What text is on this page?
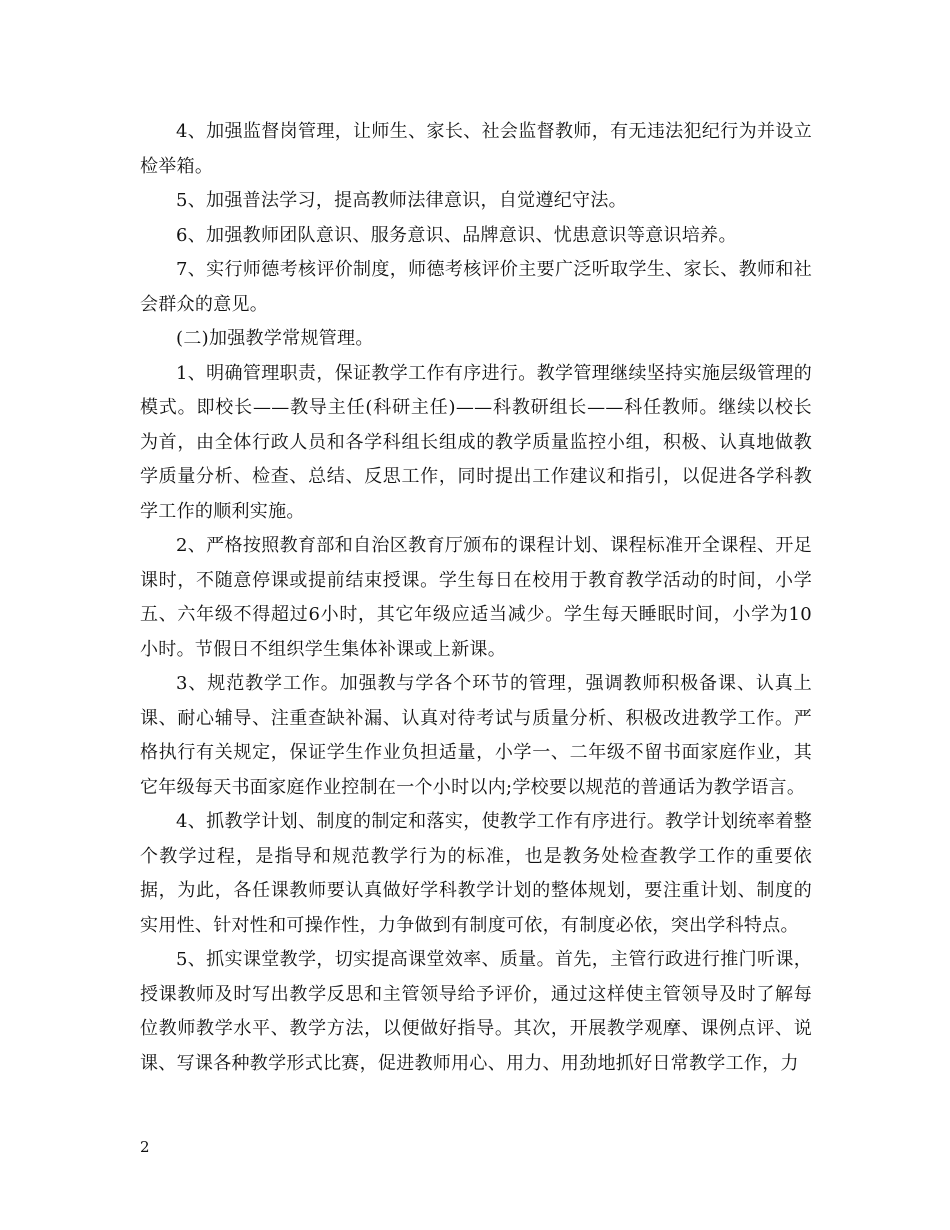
4、加强监督岗管理，让师生、家长、社会监督教师，有无违法犯纪行为并设立检举箱。

5、加强普法学习，提高教师法律意识，自觉遵纪守法。

6、加强教师团队意识、服务意识、品牌意识、忧患意识等意识培养。

7、实行师德考核评价制度，师德考核评价主要广泛听取学生、家长、教师和社会群众的意见。

(二)加强教学常规管理。

1、明确管理职责，保证教学工作有序进行。教学管理继续坚持实施层级管理的模式。即校长——教导主任(科研主任)——科教研组长——科任教师。继续以校长为首，由全体行政人员和各学科组长组成的教学质量监控小组，积极、认真地做教学质量分析、检查、总结、反思工作，同时提出工作建议和指引，以促进各学科教学工作的顺利实施。

2、严格按照教育部和自治区教育厅颁布的课程计划、课程标准开全课程、开足课时，不随意停课或提前结束授课。学生每日在校用于教育教学活动的时间，小学五、六年级不得超过6小时，其它年级应适当减少。学生每天睡眠时间，小学为10小时。节假日不组织学生集体补课或上新课。

3、规范教学工作。加强教与学各个环节的管理，强调教师积极备课、认真上课、耐心辅导、注重查缺补漏、认真对待考试与质量分析、积极改进教学工作。严格执行有关规定，保证学生作业负担适量，小学一、二年级不留书面家庭作业，其它年级每天书面家庭作业控制在一个小时以内;学校要以规范的普通话为教学语言。

4、抓教学计划、制度的制定和落实，使教学工作有序进行。教学计划统率着整个教学过程，是指导和规范教学行为的标准，也是教务处检查教学工作的重要依据，为此，各任课教师要认真做好学科教学计划的整体规划，要注重计划、制度的实用性、针对性和可操作性，力争做到有制度可依，有制度必依，突出学科特点。

5、抓实课堂教学，切实提高课堂效率、质量。首先，主管行政进行推门听课，授课教师及时写出教学反思和主管领导给予评价，通过这样使主管领导及时了解每位教师教学水平、教学方法，以便做好指导。其次，开展教学观摩、课例点评、说课、写课各种教学形式比赛，促进教师用心、用力、用劲地抓好日常教学工作，力

2
